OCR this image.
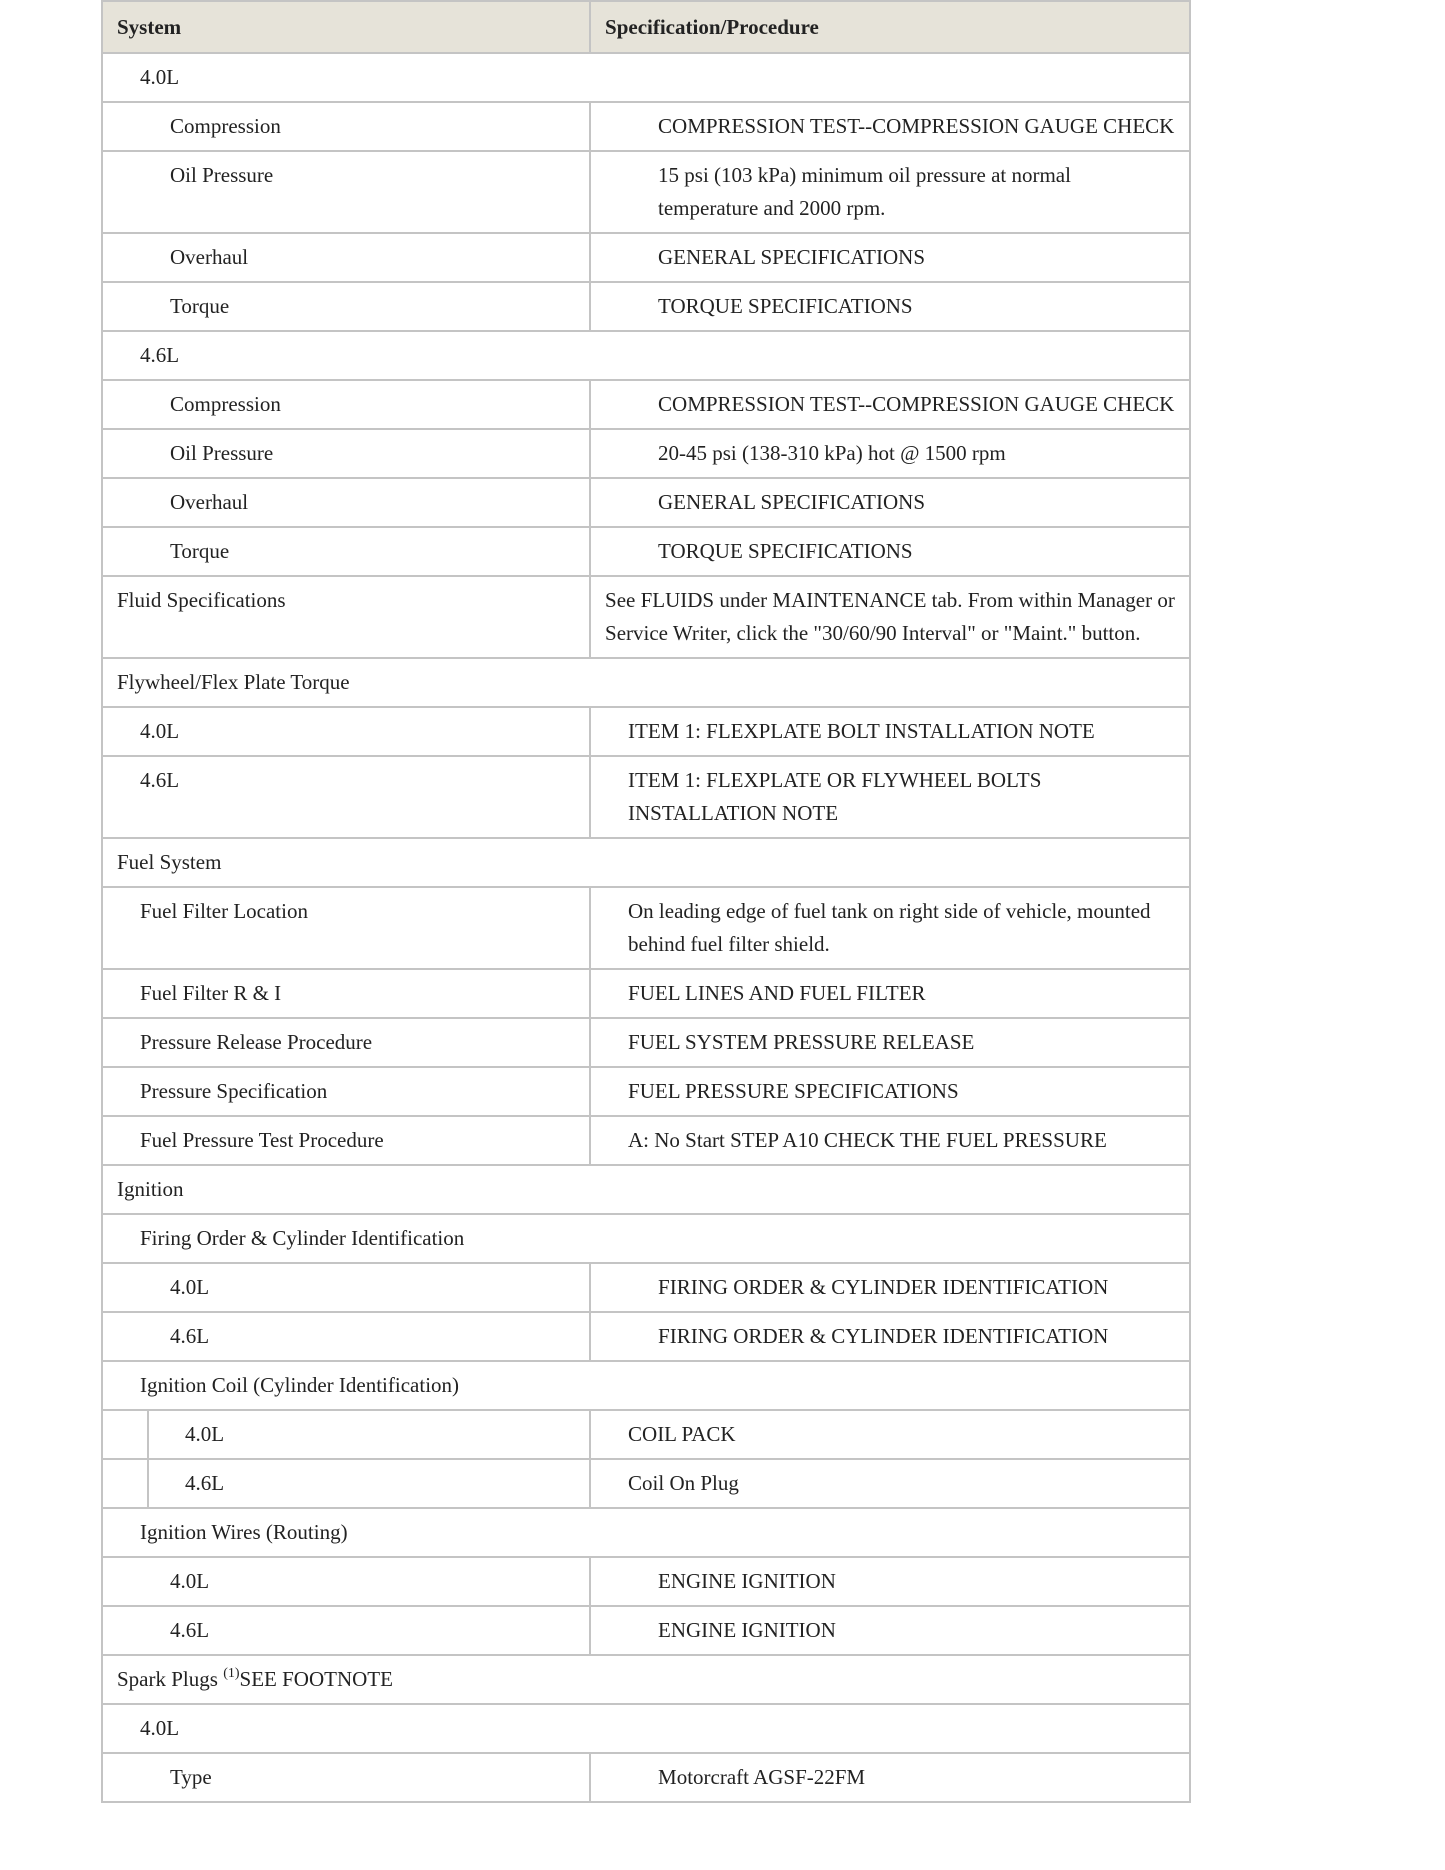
System		Specification/Procedure
4.0L		
Compression		COMPRESSION TEST--COMPRESSION GAUGE CHECK
Oil Pressure		15 psi (103 kPa) minimum oil pressure at normal temperature and 2000 rpm.
Overhaul		GENERAL SPECIFICATIONS
Torque		TORQUE SPECIFICATIONS
4.6L		
Compression		COMPRESSION TEST--COMPRESSION GAUGE CHECK
Oil Pressure		20-45 psi (138-310 kPa) hot @ 1500 rpm
Overhaul		GENERAL SPECIFICATIONS
Torque		TORQUE SPECIFICATIONS
Fluid Specifications		See FLUIDS under MAINTENANCE tab. From within Manager or Service Writer, click the "30/60/90 Interval" or "Maint." button.
Flywheel/Flex Plate Torque		
4.0L		ITEM 1: FLEXPLATE BOLT INSTALLATION NOTE
4.6L		ITEM 1: FLEXPLATE OR FLYWHEEL BOLTS INSTALLATION NOTE
Fuel System		
Fuel Filter Location		On leading edge of fuel tank on right side of vehicle, mounted behind fuel filter shield.
Fuel Filter R & I		FUEL LINES AND FUEL FILTER
Pressure Release Procedure		FUEL SYSTEM PRESSURE RELEASE
Pressure Specification		FUEL PRESSURE SPECIFICATIONS
Fuel Pressure Test Procedure		A: No Start STEP A10 CHECK THE FUEL PRESSURE
Ignition		
Firing Order & Cylinder Identification		
4.0L		FIRING ORDER & CYLINDER IDENTIFICATION
4.6L		FIRING ORDER & CYLINDER IDENTIFICATION
Ignition Coil (Cylinder Identification)		
	4.0L	COIL PACK
	4.6L	Coil On Plug
Ignition Wires (Routing)		
4.0L		ENGINE IGNITION
4.6L		ENGINE IGNITION
Spark Plugs $^{(1)}$SEE FOOTNOTE		
4.0L		
Type		Motorcraft AGSF-22FM
